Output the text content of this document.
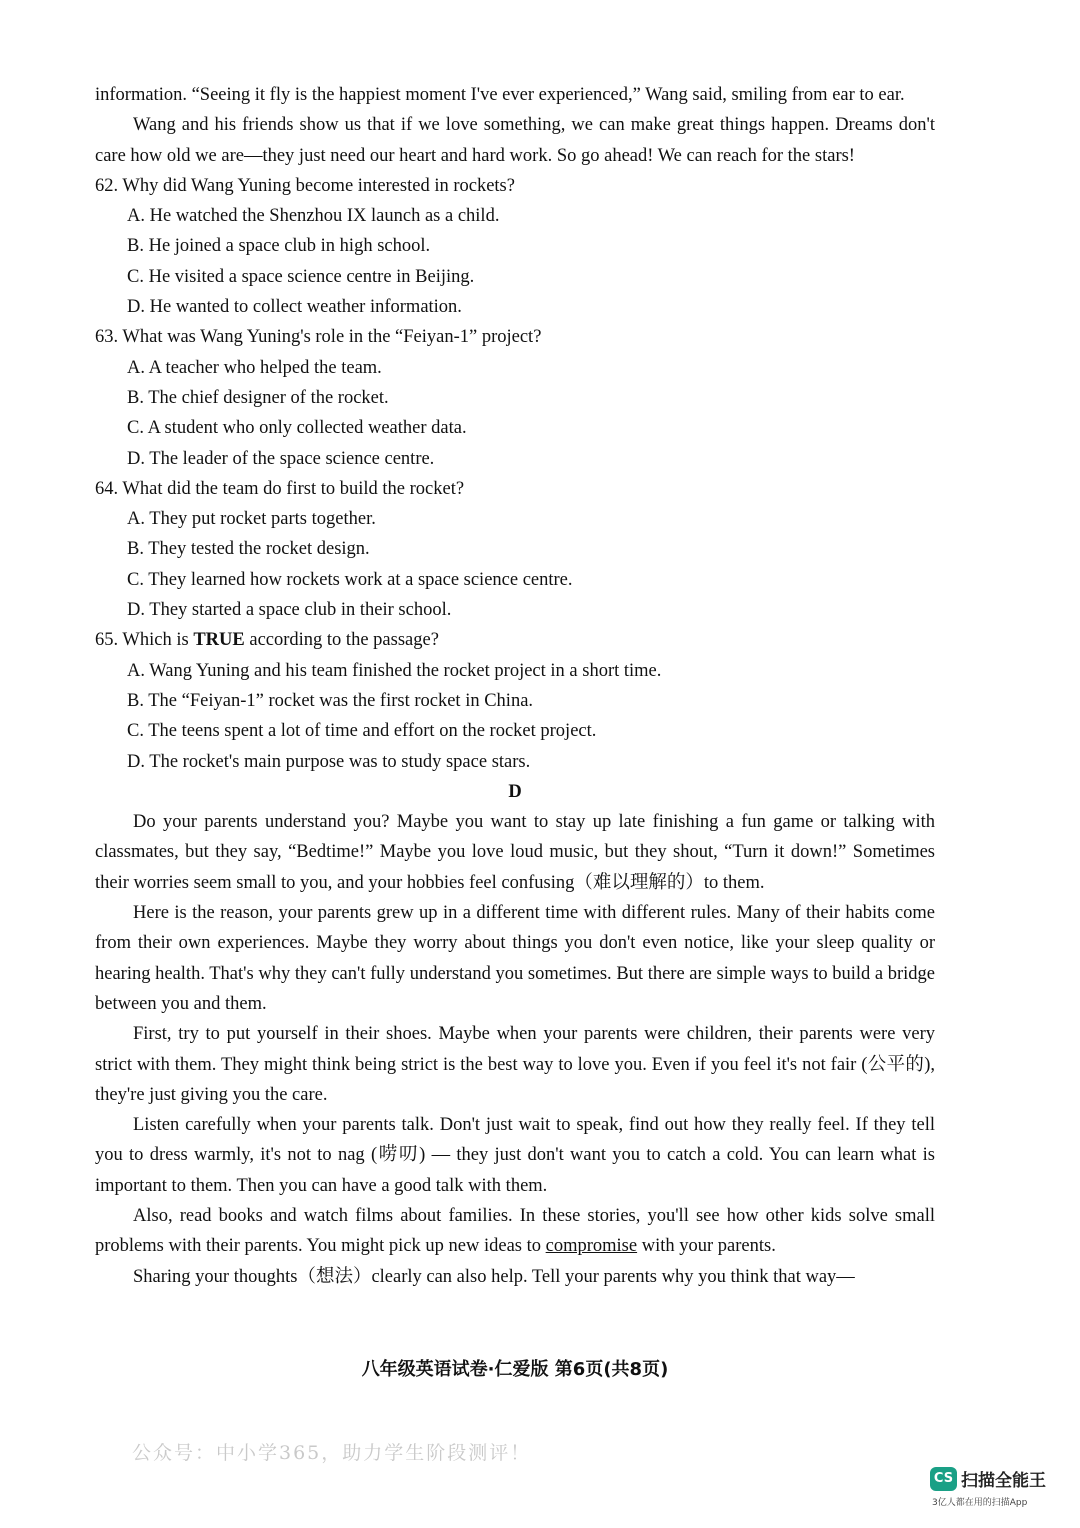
information. “Seeing it fly is the happiest moment I've ever experienced,” Wang said, smiling from ear to ear.

Wang and his friends show us that if we love something, we can make great things happen. Dreams don't care how old we are—they just need our heart and hard work. So go ahead! We can reach for the stars!

62. Why did Wang Yuning become interested in rockets?

A. He watched the Shenzhou IX launch as a child.

B. He joined a space club in high school.

C. He visited a space science centre in Beijing.

D. He wanted to collect weather information.

63. What was Wang Yuning's role in the “Feiyan-1” project?

A. A teacher who helped the team.

B. The chief designer of the rocket.

C. A student who only collected weather data.

D. The leader of the space science centre.

64. What did the team do first to build the rocket?

A. They put rocket parts together.

B. They tested the rocket design.

C. They learned how rockets work at a space science centre.

D. They started a space club in their school.

65. Which is TRUE according to the passage?

A. Wang Yuning and his team finished the rocket project in a short time.

B. The “Feiyan-1” rocket was the first rocket in China.

C. The teens spent a lot of time and effort on the rocket project.

D. The rocket's main purpose was to study space stars.

D

Do your parents understand you? Maybe you want to stay up late finishing a fun game or talking with classmates, but they say, “Bedtime!” Maybe you love loud music, but they shout, “Turn it down!” Sometimes their worries seem small to you, and your hobbies feel confusing（难以理解的）to them.

Here is the reason, your parents grew up in a different time with different rules. Many of their habits come from their own experiences. Maybe they worry about things you don't even notice, like your sleep quality or hearing health. That's why they can't fully understand you sometimes. But there are simple ways to build a bridge between you and them.

First, try to put yourself in their shoes. Maybe when your parents were children, their parents were very strict with them. They might think being strict is the best way to love you. Even if you feel it's not fair (公平的), they're just giving you the care.

Listen carefully when your parents talk. Don't just wait to speak, find out how they really feel. If they tell you to dress warmly, it's not to nag (唠叨) — they just don't want you to catch a cold. You can learn what is important to them. Then you can have a good talk with them.

Also, read books and watch films about families. In these stories, you'll see how other kids solve small problems with their parents. You might pick up new ideas to compromise with your parents.

Sharing your thoughts（想法）clearly can also help. Tell your parents why you think that way—

八年级英语试卷·仁爱版 第6页(共8页)
公众号：中小学365，助力学生阶段测评！
CS 扫描全能王
3亿人都在用的扫描App
